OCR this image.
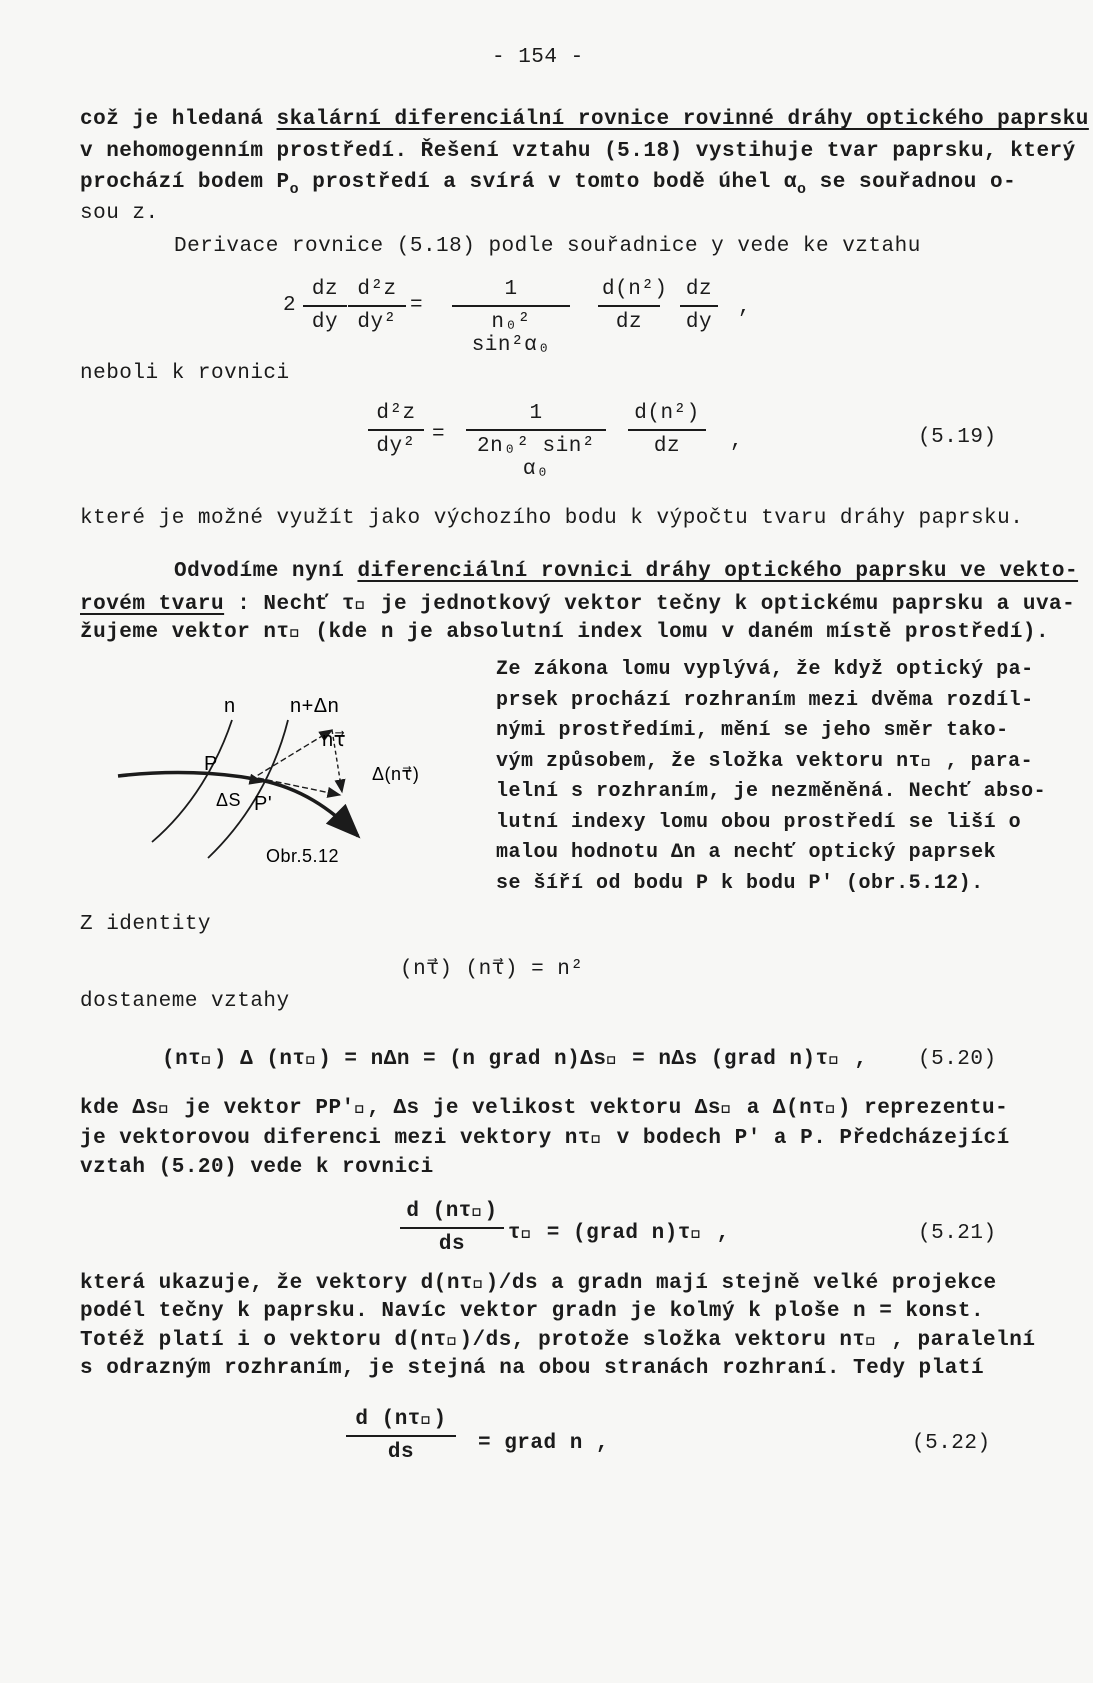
- 154 -
což je hledaná skalární diferenciální rovnice rovinné dráhy optického paprsku
v nehomogenním prostředí. Řešení vztahu (5.18) vystihuje tvar paprsku, který
prochází bodem $P_o$ prostředí a svírá v tomto bodě úhel $\alpha_o$ se souřadnou o-
sou z.
Derivace rovnice (5.18) podle souřadnice y vede ke vztahu
$2 \frac{dz}{dy} \frac{\text{d²z}}{\text{dy²}} = \frac{1}{\text{n₀² sin²α₀}} \frac{\text{d(n²)}}{dz} \frac{dz}{dy}$ ,
neboli k rovnici
$\frac{\text{d²z}}{\text{dy²}} = \frac{1}{\text{2n₀² sin² α₀}} \frac{\text{d(n²)}}{dz}$ ,	(5.19)
které je možné využít jako výchozího bodu k výpočtu tvaru dráhy paprsku.
Odvodíme nyní diferenciální rovnici dráhy optického paprsku ve vekto-
rovém tvaru : Nechť τ⃗ je jednotkový vektor tečny k optickému paprsku a uva-
žujeme vektor nτ⃗ (kde n je absolutní index lomu v daném místě prostředí).
Ze zákona lomu vyplývá, že když optický pa-
prsek prochází rozhraním mezi dvěma rozdíl-
nými prostředími, mění se jeho směr tako-
vým způsobem, že složka vektoru nτ⃗ , para-
lelní s rozhraním, je nezměněná. Nechť abso-
lutní indexy lomu obou prostředí se liší o
malou hodnotu Δn a nechť optický paprsek
se šíří od bodu P k bodu P′ (obr.5.12).
n	n+Δn
nτ⃗
P	Δ(nτ⃗)
ΔS P'
Obr.5.12
Z identity
(nτ⃗) (nτ⃗) = n²
dostaneme vztahy
(nτ⃗) Δ (nτ⃗) = nΔn = (n grad n)Δs⃗ = nΔs (grad n)τ⃗ , (5.20)
kde Δs⃗ je vektor PP′⃗, Δs je velikost vektoru Δs⃗ a Δ(nτ⃗) reprezentu-
je vektorovou diferenci mezi vektory nτ⃗ v bodech P′ a P. Předcházející
vztah (5.20) vede k rovnici
$\frac{d (n\tau⃗)}{ds}$ τ⃗ = (grad n)τ⃗ ,	(5.21)
která ukazuje, že vektory d(nτ⃗)/ds a gradn mají stejně velké projekce
podél tečny k paprsku. Navíc vektor gradn je kolmý k ploše n = konst.
Totéž platí i o vektoru d(nτ⃗)/ds, protože složka vektoru nτ⃗ , paralelní
s odrazným rozhraním, je stejná na obou stranách rozhraní. Tedy platí
$\frac{d (n\tau⃗)}{ds}$ = grad n ,	(5.22)
